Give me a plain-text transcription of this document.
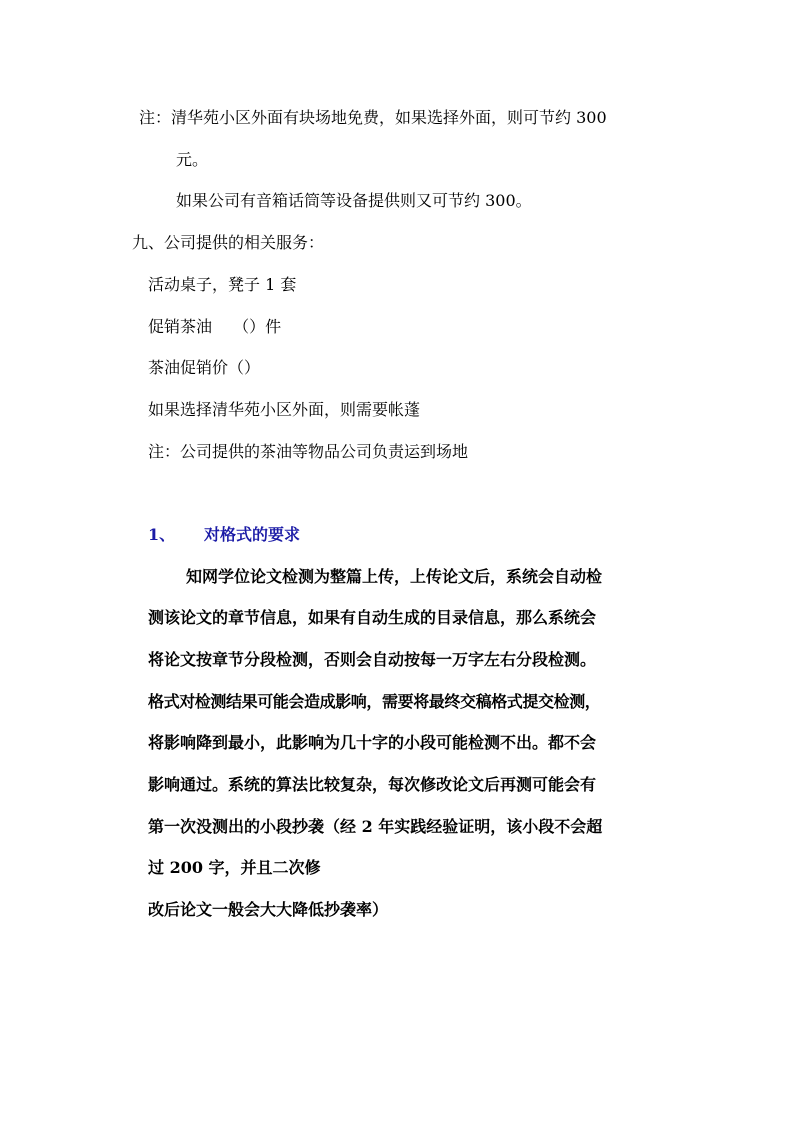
注：清华苑小区外面有块场地免费，如果选择外面，则可节约 300
元。
如果公司有音箱话筒等设备提供则又可节约 300。
九、公司提供的相关服务：
活动桌子，凳子 1 套
促销茶油　 （）件
茶油促销价（）
如果选择清华苑小区外面，则需要帐蓬
注：公司提供的茶油等物品公司负责运到场地
1、 对格式的要求
知网学位论文检测为整篇上传，上传论文后，系统会自动检
测该论文的章节信息，如果有自动生成的目录信息，那么系统会
将论文按章节分段检测，否则会自动按每一万字左右分段检测。
格式对检测结果可能会造成影响，需要将最终交稿格式提交检测，
将影响降到最小，此影响为几十字的小段可能检测不出。都不会
影响通过。系统的算法比较复杂，每次修改论文后再测可能会有
第一次没测出的小段抄袭（经 2 年实践经验证明，该小段不会超
过 200 字，并且二次修
改后论文一般会大大降低抄袭率）
